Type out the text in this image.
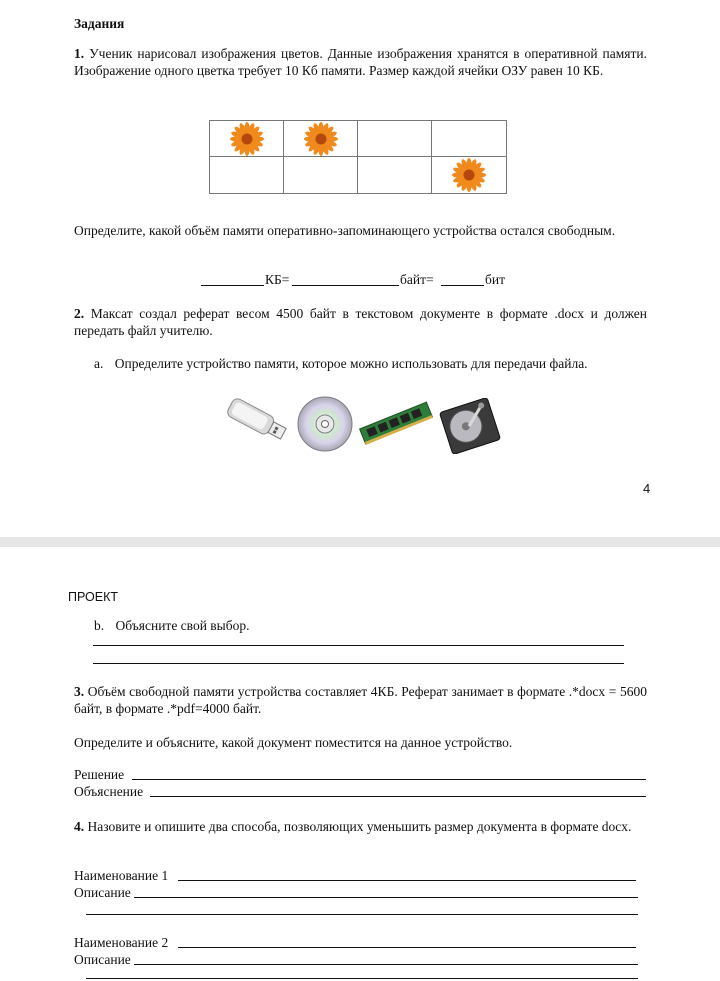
Задания
1. Ученик нарисовал изображения цветов. Данные изображения хранятся в оперативной памяти. Изображение одного цветка требует 10 Кб памяти. Размер каждой ячейки ОЗУ равен 10 КБ.
Определите, какой объём памяти оперативно-запоминающего устройства остался свободным.
КБ=	байт=	бит
2. Максат создал реферат весом 4500 байт в текстовом документе в формате .docx и должен передать файл учителю.
a. Определите устройство памяти, которое можно использовать для передачи файла.
4
ПРОЕКТ
b. Объясните свой выбор.
3. Объём свободной памяти устройства составляет 4КБ. Реферат занимает в формате .*docx = 5600 байт, в формате .*pdf=4000 байт.
Определите и объясните, какой документ поместится на данное устройство.
Решение
Объяснение
4. Назовите и опишите два способа, позволяющих уменьшить размер документа в формате docx.
Наименование 1
Описание
Наименование 2
Описание
